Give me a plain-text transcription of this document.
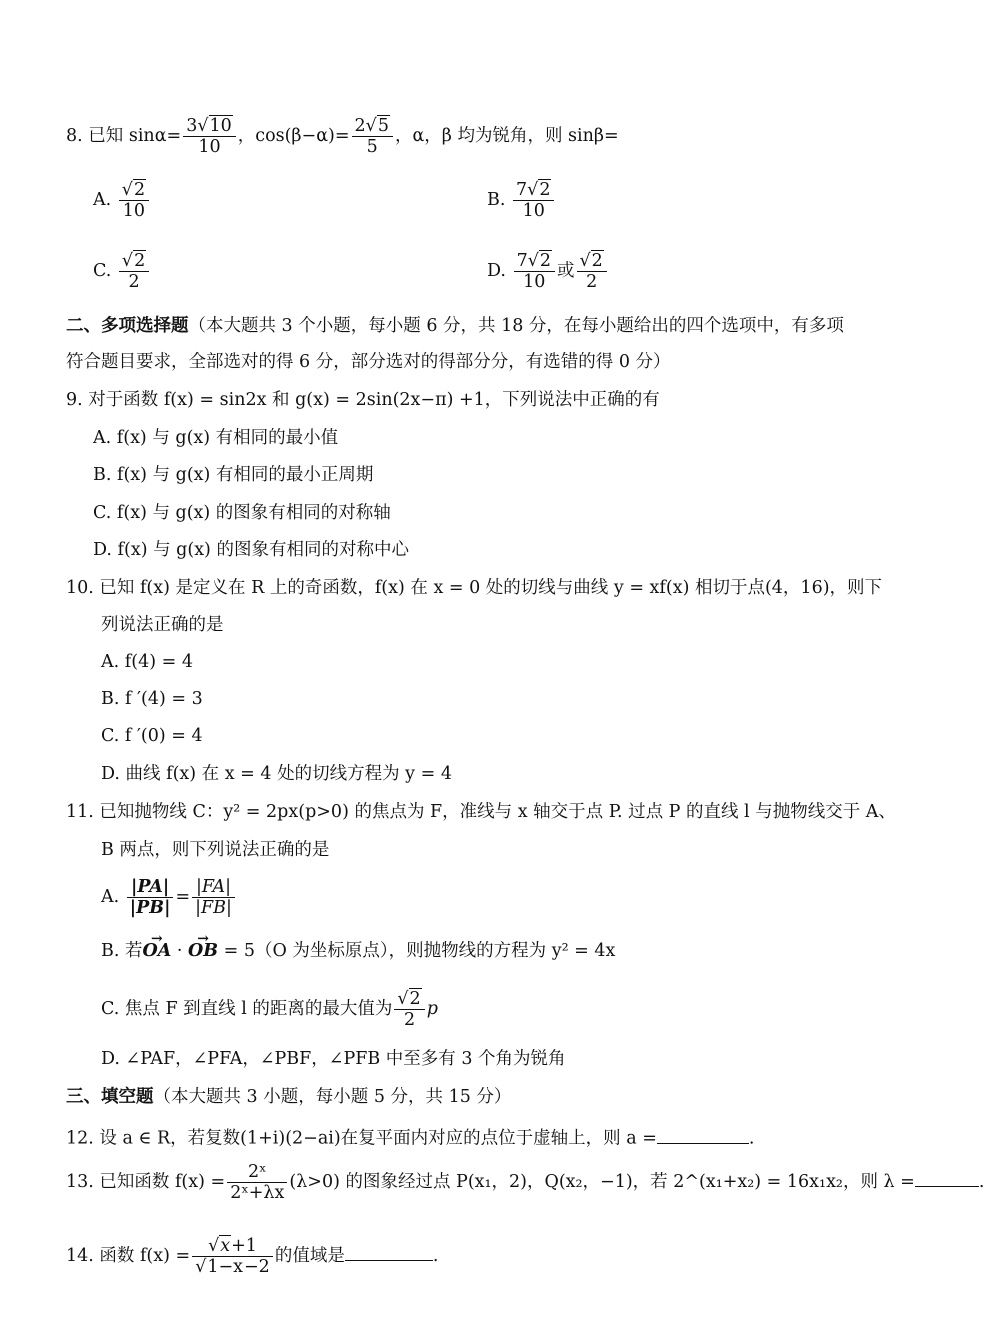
8. 已知 $\sin\alpha= \frac{3√10}{10}$ ，$\cos(\beta-\alpha)= \frac{2√5}{5}$ ，α，β 均为锐角，则 sinβ=
A. $\frac{√2}{10}$	B. $\frac{7√2}{10}$
C. $\frac{√2}{2}$	D. $\frac{7√2}{10}$ 或 $\frac{√2}{2}$
二、多项选择题（本大题共 3 个小题，每小题 6 分，共 18 分，在每小题给出的四个选项中，有多项
符合题目要求，全部选对的得 6 分，部分选对的得部分分，有选错的得 0 分）
9. 对于函数 f(x) = sin2x 和 g(x) = 2sin(2x−π) +1，下列说法中正确的有
A. f(x) 与 g(x) 有相同的最小值
B. f(x) 与 g(x) 有相同的最小正周期
C. f(x) 与 g(x) 的图象有相同的对称轴
D. f(x) 与 g(x) 的图象有相同的对称中心
10. 已知 f(x) 是定义在 R 上的奇函数，f(x) 在 x = 0 处的切线与曲线 y = xf(x) 相切于点(4，16)，则下
列说法正确的是
A. f(4) = 4
B. f ′(4) = 3
C. f ′(0) = 4
D. 曲线 f(x) 在 x = 4 处的切线方程为 y = 4
11. 已知抛物线 C：y² = 2px(p>0) 的焦点为 F，准线与 x 轴交于点 P. 过点 P 的直线 l 与抛物线交于 A、
B 两点，则下列说法正确的是
A. $\frac{|PA|}{|PB|} = \frac{|FA|}{|FB|}$
B. 若→ OA · → OB = 5（O 为坐标原点），则抛物线的方程为 y² = 4x
C. 焦点 F 到直线 l 的距离的最大值为 $\frac{√2}{2}$ p
D. ∠PAF，∠PFA，∠PBF，∠PFB 中至多有 3 个角为锐角
三、填空题（本大题共 3 小题，每小题 5 分，共 15 分）
12. 设 a ∈ R，若复数(1+i)(2−ai)在复平面内对应的点位于虚轴上，则 a =	.
13. 已知函数 $f(x) = \frac{\text{2ˣ}}{\text{2ˣ+λx}} (\lambda>0)$ 的图象经过点 P(x₁，2)，Q(x₂，−1)，若 2^(x₁+x₂) = 16x₁x₂，则 λ =	.
14. 函数 $f(x) = \frac{√x+1}{√1-x-2}$ 的值域是	.
